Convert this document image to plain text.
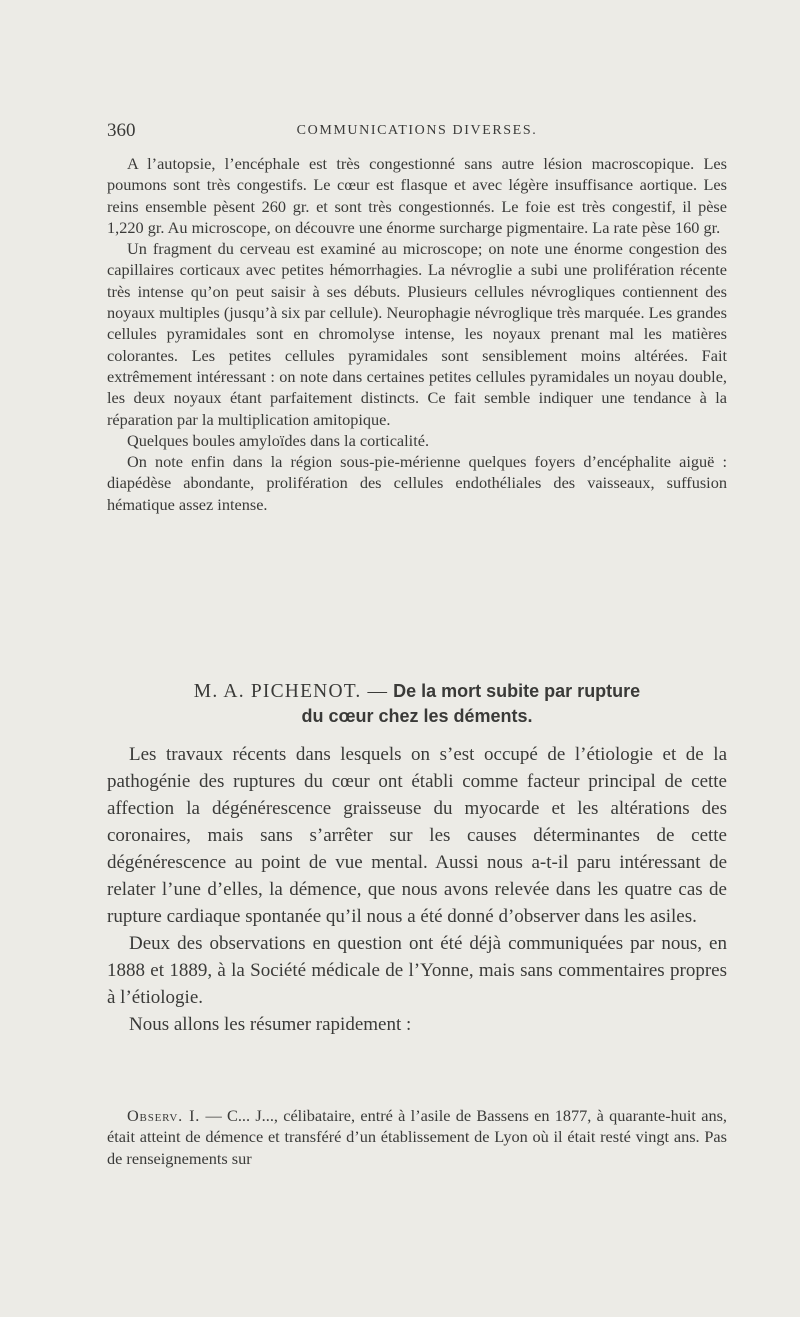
360	COMMUNICATIONS DIVERSES.

A l’autopsie, l’encéphale est très congestionné sans autre lésion macroscopique. Les poumons sont très congestifs. Le cœur est flasque et avec légère insuffisance aortique. Les reins ensemble pèsent 260 gr. et sont très congestionnés. Le foie est très congestif, il pèse 1,220 gr. Au microscope, on découvre une énorme surcharge pigmentaire. La rate pèse 160 gr.

Un fragment du cerveau est examiné au microscope; on note une énorme congestion des capillaires corticaux avec petites hémorrhagies. La névroglie a subi une prolifération récente très intense qu’on peut saisir à ses débuts. Plusieurs cellules névrogliques contiennent des noyaux multiples (jusqu’à six par cellule). Neurophagie névroglique très marquée. Les grandes cellules pyramidales sont en chromolyse intense, les noyaux prenant mal les matières colorantes. Les petites cellules pyramidales sont sensiblement moins altérées. Fait extrêmement intéressant : on note dans certaines petites cellules pyramidales un noyau double, les deux noyaux étant parfaitement distincts. Ce fait semble indiquer une tendance à la réparation par la multiplication amitopique.

Quelques boules amyloïdes dans la corticalité.

On note enfin dans la région sous-pie-mérienne quelques foyers d’encéphalite aiguë : diapédèse abondante, prolifération des cellules endothéliales des vaisseaux, suffusion hématique assez intense.

M. A. PICHENOT. — De la mort subite par rupture
du cœur chez les déments.

Les travaux récents dans lesquels on s’est occupé de l’étiologie et de la pathogénie des ruptures du cœur ont établi comme facteur principal de cette affection la dégénérescence graisseuse du myocarde et les altérations des coronaires, mais sans s’arrêter sur les causes déterminantes de cette dégénérescence au point de vue mental. Aussi nous a-t-il paru intéressant de relater l’une d’elles, la démence, que nous avons relevée dans les quatre cas de rupture cardiaque spontanée qu’il nous a été donné d’observer dans les asiles.

Deux des observations en question ont été déjà communiquées par nous, en 1888 et 1889, à la Société médicale de l’Yonne, mais sans commentaires propres à l’étiologie.

Nous allons les résumer rapidement :

Observ. I. — C... J..., célibataire, entré à l’asile de Bassens en 1877, à quarante-huit ans, était atteint de démence et transféré d’un établissement de Lyon où il était resté vingt ans. Pas de renseignements sur
